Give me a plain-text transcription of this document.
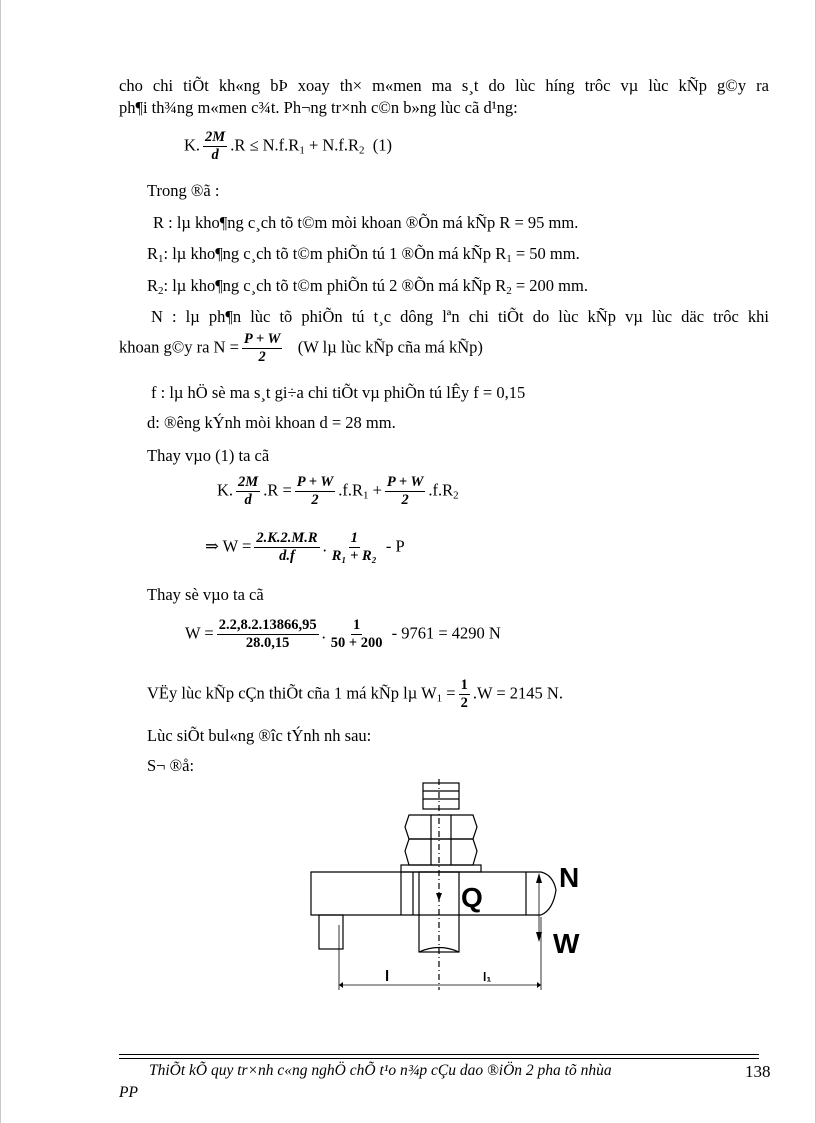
cho chi tiÕt kh«ng bÞ xoay th× m«men ma s¸t do lùc híng trôc vµ lùc kÑp g©y ra
ph¶i th¾ng m«men c¾t. Ph¬ng tr×nh c©n b»ng lùc cã d¹ng:
K. $\frac{2M}{d} .R \le N.f.R_1 + N.f.R_2$ (1)
Trong ®ã :
R : lµ kho¶ng c¸ch tõ t©m mòi khoan ®Õn má kÑp R = 95 mm.
$R_1$: lµ kho¶ng c¸ch tõ t©m phiÕn tú 1 ®Õn má kÑp $R_1 = 50$ mm.
$R_2$: lµ kho¶ng c¸ch tõ t©m phiÕn tú 2 ®Õn má kÑp $R_2 = 200$ mm.
N : lµ ph¶n lùc tõ phiÕn tú t¸c dông lªn chi tiÕt do lùc kÑp vµ lùc däc trôc khi
khoan g©y ra $N = \frac{P + W}{2} (W$ lµ lùc kÑp cña má kÑp)
f : lµ hÖ sè ma s¸t gi÷a chi tiÕt vµ phiÕn tú lÊy f = 0,15
d: ®êng kÝnh mòi khoan d = 28 mm.
Thay vµo (1) ta cã
K. $\frac{2M}{d} .R = \frac{P + W}{2} .f.R_1 + \frac{P + W}{2} .f.R_2$
⇒ $W = \frac{2.K.2.M.R}{d.f}$ . $\frac{1}{\text{R₁ + R₂}}$ - P
Thay sè vµo ta cã
$W = \frac{2.2,8.2.13866,95}{28.0,15}$ . $\frac{1}{50 + 200} - 9761 = 4290$ N
VËy lùc kÑp cÇn thiÕt cña 1 má kÑp lµ $W_1 = \frac{1}{2} .W = 2145$ N.
Lùc siÕt bul«ng ®îc tÝnh nh sau:
S¬ ®å:
N
Q
W
l	l₁
ThiÕt kÕ quy tr×nh c«ng nghÖ chÕ t¹o n¾p cÇu dao ®iÖn 2 pha tõ nhùa
PP
138
